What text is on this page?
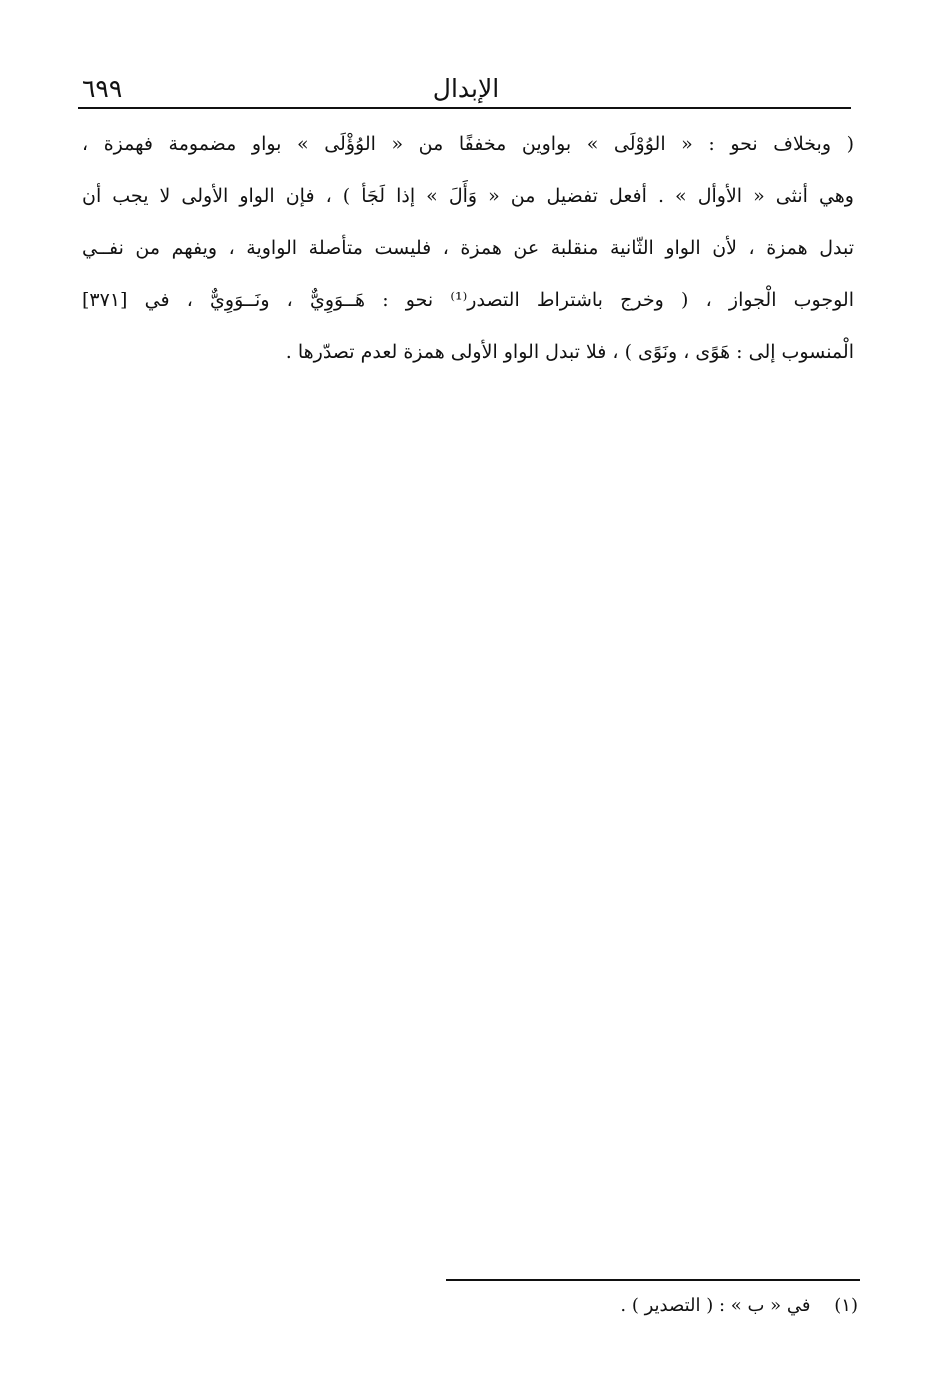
٦٩٩	الإبدال
( وبخلاف نحو : « الوُوْلَى » بواوين مخففًا من « الوُؤْلَى » بواو مضمومة فهمزة ،
وهي أنثى « الأوأل » . أفعل تفضيل من « وَأَلَ » إذا لَجَأ ) ، فإن الواو الأولى لا يجب أن
تبدل همزة ، لأن الواو الثّانية منقلبة عن همزة ، فليست متأصلة الواوية ، ويفهم من نفــي
الوجوب الْجواز ، ( وخرج باشتراط التصدر⁽¹⁾ نحو : هَــوَوِيٌّ ، ونَــوَوِيٌّ ، في [٣٧١]
الْمنسوب إلى : هَوًى ، ونَوًى ) ، فلا تبدل الواو الأولى همزة لعدم تصدّرها .
(١) في « ب » : ( التصدير ) .
